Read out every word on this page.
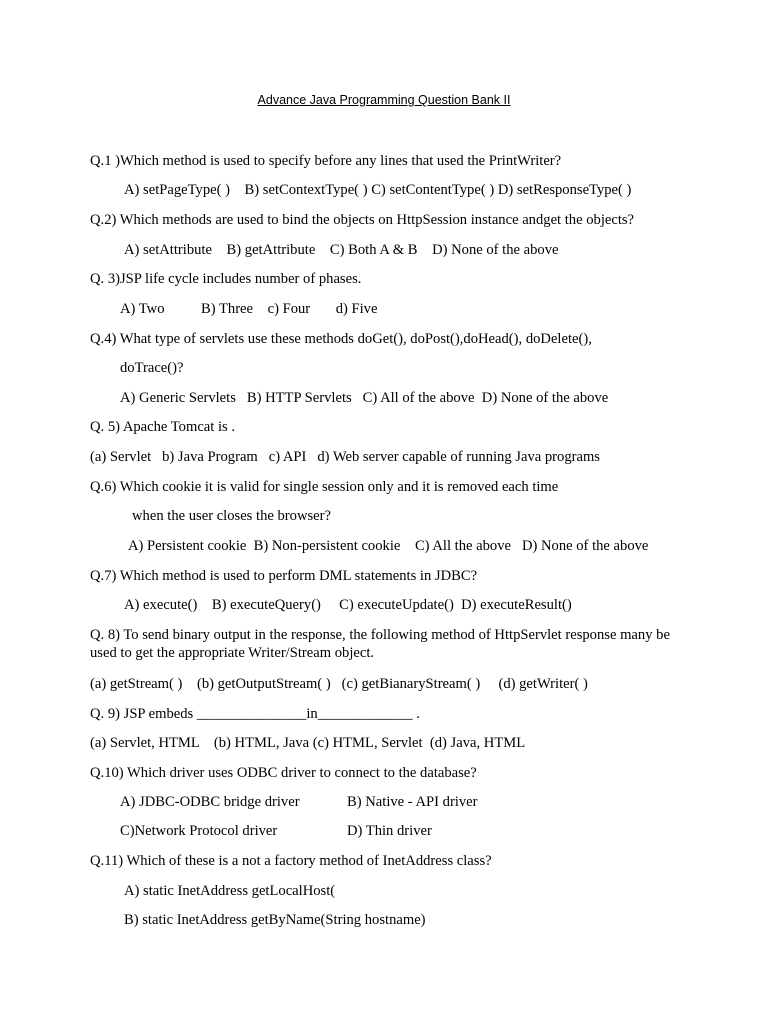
Advance Java Programming Question Bank II
Q.1 )Which method is used to specify before any lines that used the PrintWriter?
A) setPageType( )    B) setContextType( ) C) setContentType( ) D) setResponseType( )
Q.2) Which methods are used to bind the objects on HttpSession instance andget the objects?
A) setAttribute    B) getAttribute    C) Both A & B    D) None of the above
Q. 3)JSP life cycle includes number of phases.
A) Two          B) Three    c) Four       d) Five
Q.4) What type of servlets use these methods doGet(), doPost(),doHead(), doDelete(),
doTrace()?
A) Generic Servlets   B) HTTP Servlets   C) All of the above  D) None of the above
Q. 5) Apache Tomcat is .
(a) Servlet   b) Java Program   c) API   d) Web server capable of running Java programs
Q.6) Which cookie it is valid for single session only and it is removed each time
when the user closes the browser?
A) Persistent cookie  B) Non-persistent cookie    C) All the above   D) None of the above
Q.7) Which method is used to perform DML statements in JDBC?
A) execute()    B) executeQuery()     C) executeUpdate()  D) executeResult()
Q. 8) To send binary output in the response, the following method of HttpServlet response many be used to get the appropriate Writer/Stream object.
(a) getStream( )    (b) getOutputStream( )   (c) getBianaryStream( )     (d) getWriter( )
Q. 9) JSP embeds _______________in_____________ .
(a) Servlet, HTML    (b) HTML, Java (c) HTML, Servlet  (d) Java, HTML
Q.10) Which driver uses ODBC driver to connect to the database?
A) JDBC-ODBC bridge driver	B) Native - API driver
C)Network Protocol driver	D) Thin driver
Q.11) Which of these is a not a factory method of InetAddress class?
A) static InetAddress getLocalHost(
B) static InetAddress getByName(String hostname)
